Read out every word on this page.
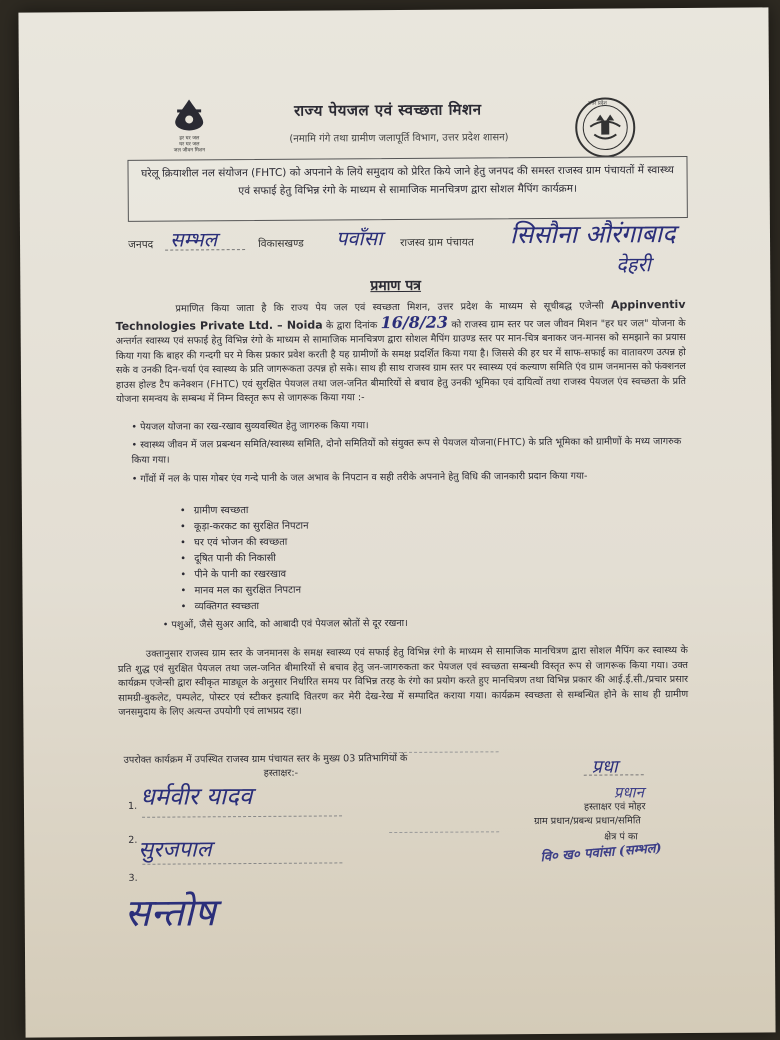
हर घर जल
घर घर जल
जल जीवन मिशन
राज्य पेयजल एवं स्वच्छता मिशन
(नमामि गंगे तथा ग्रामीण जलापूर्ति विभाग, उत्तर प्रदेश शासन)
उत्तर प्रदेश
घरेलू क्रियाशील नल संयोजन (FHTC) को अपनाने के लिये समुदाय को प्रेरित किये जाने हेतु जनपद की समस्त राजस्व ग्राम पंचायतों में स्वास्थ्य एवं सफाई हेतु विभिन्न रंगो के माध्यम से सामाजिक मानचित्रण द्वारा सोशल मैपिंग कार्यक्रम।
जनपद सम्भल	विकासखण्ड पवाँसा राजस्व ग्राम पंचायत सिसौना औरंगाबाद
देहरी
प्रमाण पत्र
प्रमाणित किया जाता है कि राज्य पेय जल एवं स्वच्छता मिशन, उत्तर प्रदेश के माध्यम से सूचीबद्ध एजेन्सी Appinventiv Technologies Private Ltd. – Noida के द्वारा दिनांक 16/8/23 को राजस्व ग्राम स्तर पर जल जीवन मिशन "हर घर जल" योजना के अन्तर्गत स्वास्थ्य एवं सफाई हेतु विभिन्न रंगो के माध्यम से सामाजिक मानचित्रण द्वारा सोशल मैपिंग ग्राउण्ड स्तर पर मान-चित्र बनाकर जन-मानस को समझाने का प्रयास किया गया कि बाहर की गन्दगी घर मे किस प्रकार प्रवेश करती है यह ग्रामीणों के समक्ष प्रदर्शित किया गया है। जिससे की हर घर में साफ-सफाई का वातावरण उत्पन्न हो सके व उनकी दिन-चर्या एंव स्वास्थ्य के प्रति जागरूकता उत्पन्न हो सके। साथ ही साथ राजस्व ग्राम स्तर पर स्वास्थ्य एवं कल्याण समिति एंव ग्राम जनमानस को फंक्शनल हाउस होल्ड टैप कनेक्शन (FHTC) एवं सुरक्षित पेयजल तथा जल-जनित बीमारियों से बचाव हेतु उनकी भूमिका एवं दायित्वों तथा राजस्व पेयजल एंव स्वच्छता के प्रति योजना समन्वय के सम्बन्ध में निम्न विस्तृत रूप से जागरूक किया गया :-
• पेयजल योजना का रख-रखाव सुव्यवस्थित हेतु जागरुक किया गया।
• स्वास्थ्य जीवन में जल प्रबन्धन समिति/स्वास्थ्य समिति, दोनो समितियों को संयुक्त रूप से पेयजल योजना(FHTC) के प्रति भूमिका को ग्रामीणों के मध्य जागरुक किया गया।
• गाँवों में नल के पास गोबर एंव गन्दे पानी के जल अभाव के निपटान व सही तरीके अपनाने हेतु विधि की जानकारी प्रदान किया गया-
• ग्रामीण स्वच्छता
• कूड़ा-करकट का सुरक्षित निपटान
• घर एवं भोजन की स्वच्छता
• दूषित पानी की निकासी
• पीने के पानी का रखरखाव
• मानव मल का सुरक्षित निपटान
• व्यक्तिगत स्वच्छता
• पशुओं, जैसे सुअर आदि, को आबादी एवं पेयजल स्रोतों से दूर रखना।
उक्तानुसार राजस्व ग्राम स्तर के जनमानस के समक्ष स्वास्थ्य एवं सफाई हेतु विभिन्न रंगो के माध्यम से सामाजिक मानचित्रण द्वारा सोशल मैपिंग कर स्वास्थ्य के प्रति शुद्ध एवं सुरक्षित पेयजल तथा जल-जनित बीमारियों से बचाव हेतु जन-जागरुकता कर पेयजल एवं स्वच्छता सम्बन्धी विस्तृत रूप से जागरूक किया गया। उक्त कार्यक्रम एजेन्सी द्वारा स्वीकृत माड्यूल के अनुसार निर्धारित समय पर विभिन्न तरह के रंगो का प्रयोग करते हुए मानचित्रण तथा विभिन्न प्रकार की आई.ई.सी./प्रचार प्रसार सामग्री-बुकलेट, पम्पलेट, पोस्टर एवं स्टीकर इत्यादि वितरण कर मेरी देख-रेख में सम्पादित कराया गया। कार्यक्रम स्वच्छता से सम्बन्धित होने के साथ ही ग्रामीण जनसमुदाय के लिए अत्यन्त उपयोगी एवं लाभप्रद रहा।
उपरोक्त कार्यक्रम में उपस्थित राजस्व ग्राम पंचायत स्तर के मुख्य 03 प्रतिभागियों के
हस्ताक्षर:-
1. धर्मवीर यादव
2. सुरजपाल
3.
सन्तोष
प्रधा
प्रधान
हस्ताक्षर एवं मोहर
ग्राम प्रधान/प्रबन्ध प्रधान/समिति
क्षेत्र पं का
वि० ख० पवांसा (सम्भल)
